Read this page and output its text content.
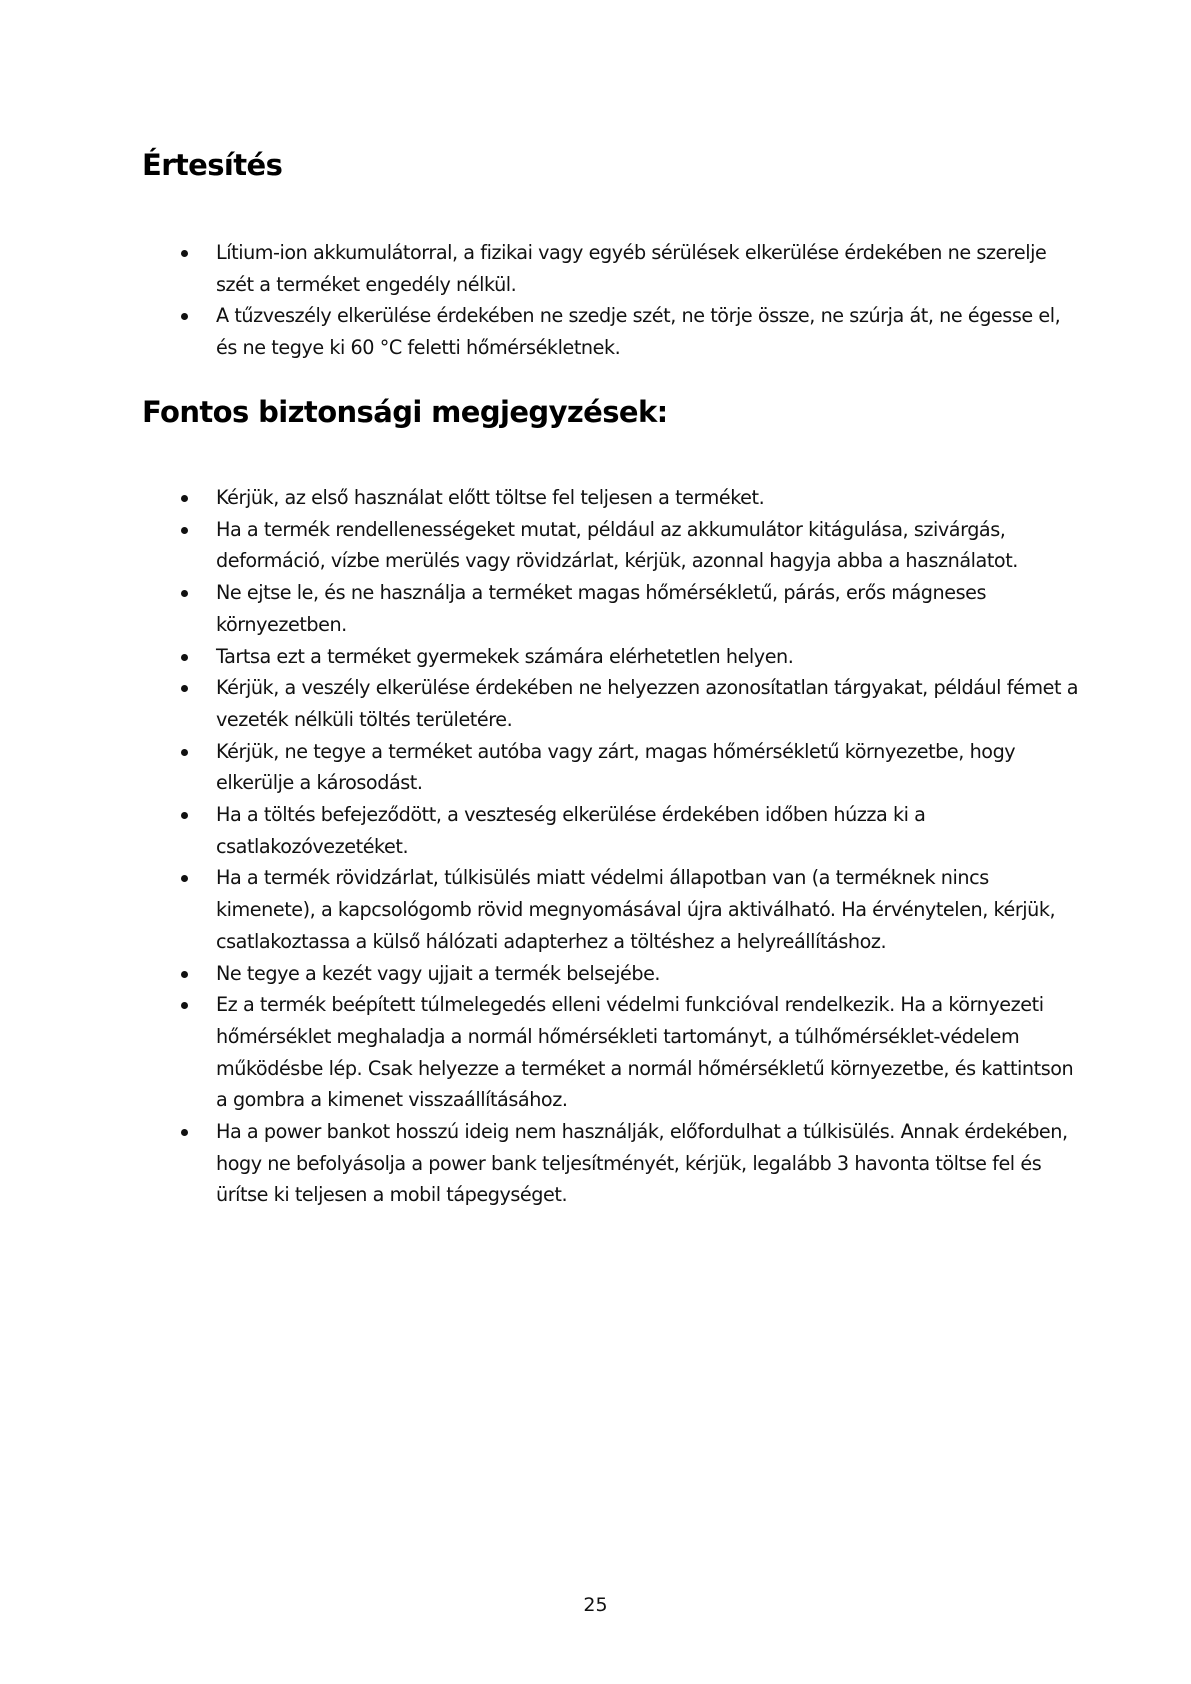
Értesítés
Lítium-ion akkumulátorral, a fizikai vagy egyéb sérülések elkerülése érdekében ne szerelje szét a terméket engedély nélkül.
A tűzveszély elkerülése érdekében ne szedje szét, ne törje össze, ne szúrja át, ne égesse el, és ne tegye ki 60 °C feletti hőmérsékletnek.
Fontos biztonsági megjegyzések:
Kérjük, az első használat előtt töltse fel teljesen a terméket.
Ha a termék rendellenességeket mutat, például az akkumulátor kitágulása, szivárgás, deformáció, vízbe merülés vagy rövidzárlat, kérjük, azonnal hagyja abba a használatot.
Ne ejtse le, és ne használja a terméket magas hőmérsékletű, párás, erős mágneses környezetben.
Tartsa ezt a terméket gyermekek számára elérhetetlen helyen.
Kérjük, a veszély elkerülése érdekében ne helyezzen azonosítatlan tárgyakat, például fémet a vezeték nélküli töltés területére.
Kérjük, ne tegye a terméket autóba vagy zárt, magas hőmérsékletű környezetbe, hogy elkerülje a károsodást.
Ha a töltés befejeződött, a veszteség elkerülése érdekében időben húzza ki a csatlakozóvezetéket.
Ha a termék rövidzárlat, túlkisülés miatt védelmi állapotban van (a terméknek nincs kimenete), a kapcsológomb rövid megnyomásával újra aktiválható. Ha érvénytelen, kérjük, csatlakoztassa a külső hálózati adapterhez a töltéshez a helyreállításhoz.
Ne tegye a kezét vagy ujjait a termék belsejébe.
Ez a termék beépített túlmelegedés elleni védelmi funkcióval rendelkezik. Ha a környezeti hőmérséklet meghaladja a normál hőmérsékleti tartományt, a túlhőmérséklet-védelem működésbe lép. Csak helyezze a terméket a normál hőmérsékletű környezetbe, és kattintson a gombra a kimenet visszaállításához.
Ha a power bankot hosszú ideig nem használják, előfordulhat a túlkisülés. Annak érdekében, hogy ne befolyásolja a power bank teljesítményét, kérjük, legalább 3 havonta töltse fel és ürítse ki teljesen a mobil tápegységet.
25
